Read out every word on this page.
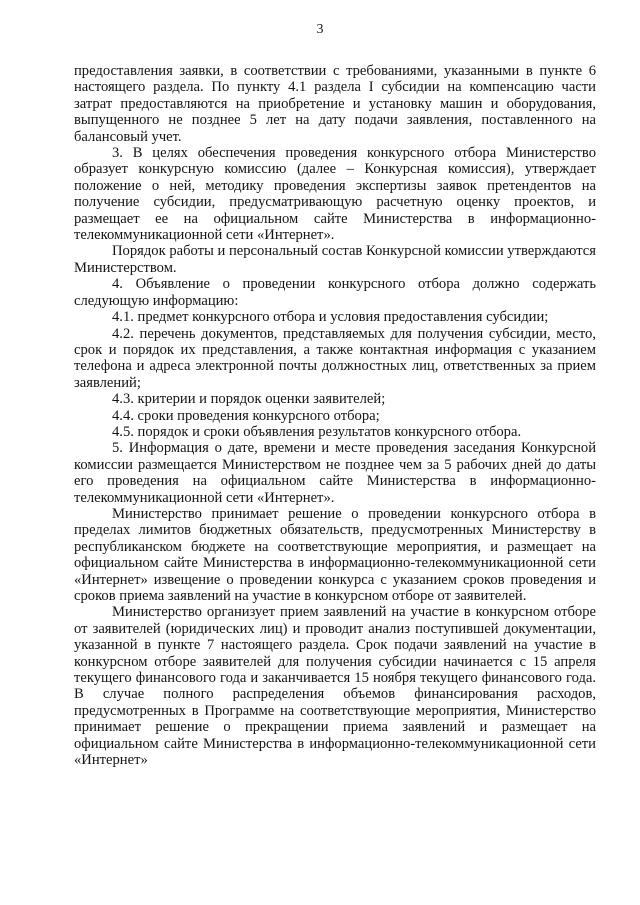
3

предоставления заявки, в соответствии с требованиями, указанными в пункте 6 настоящего раздела. По пункту 4.1 раздела I субсидии на компенсацию части затрат предоставляются на приобретение и установку машин и оборудования, выпущенного не позднее 5 лет на дату подачи заявления, поставленного на балансовый учет.

3. В целях обеспечения проведения конкурсного отбора Министерство образует конкурсную комиссию (далее – Конкурсная комиссия), утверждает положение о ней, методику проведения экспертизы заявок претендентов на получение субсидии, предусматривающую расчетную оценку проектов, и размещает ее на официальном сайте Министерства в информационно-телекоммуникационной сети «Интернет».

Порядок работы и персональный состав Конкурсной комиссии утверждаются Министерством.

4. Объявление о проведении конкурсного отбора должно содержать следующую информацию:

4.1. предмет конкурсного отбора и условия предоставления субсидии;

4.2. перечень документов, представляемых для получения субсидии, место, срок и порядок их представления, а также контактная информация с указанием телефона и адреса электронной почты должностных лиц, ответственных за прием заявлений;

4.3. критерии и порядок оценки заявителей;

4.4. сроки проведения конкурсного отбора;

4.5. порядок и сроки объявления результатов конкурсного отбора.

5. Информация о дате, времени и месте проведения заседания Конкурсной комиссии размещается Министерством не позднее чем за 5 рабочих дней до даты его проведения на официальном сайте Министерства в информационно-телекоммуникационной сети «Интернет».

Министерство принимает решение о проведении конкурсного отбора в пределах лимитов бюджетных обязательств, предусмотренных Министерству в республиканском бюджете на соответствующие мероприятия, и размещает на официальном сайте Министерства в информационно-телекоммуникационной сети «Интернет» извещение о проведении конкурса с указанием сроков проведения и сроков приема заявлений на участие в конкурсном отборе от заявителей.

Министерство организует прием заявлений на участие в конкурсном отборе от заявителей (юридических лиц) и проводит анализ поступившей документации, указанной в пункте 7 настоящего раздела. Срок подачи заявлений на участие в конкурсном отборе заявителей для получения субсидии начинается с 15 апреля текущего финансового года и заканчивается 15 ноября текущего финансового года. В случае полного распределения объемов финансирования расходов, предусмотренных в Программе на соответствующие мероприятия, Министерство принимает решение о прекращении приема заявлений и размещает на официальном сайте Министерства в информационно-телекоммуникационной сети «Интернет»
